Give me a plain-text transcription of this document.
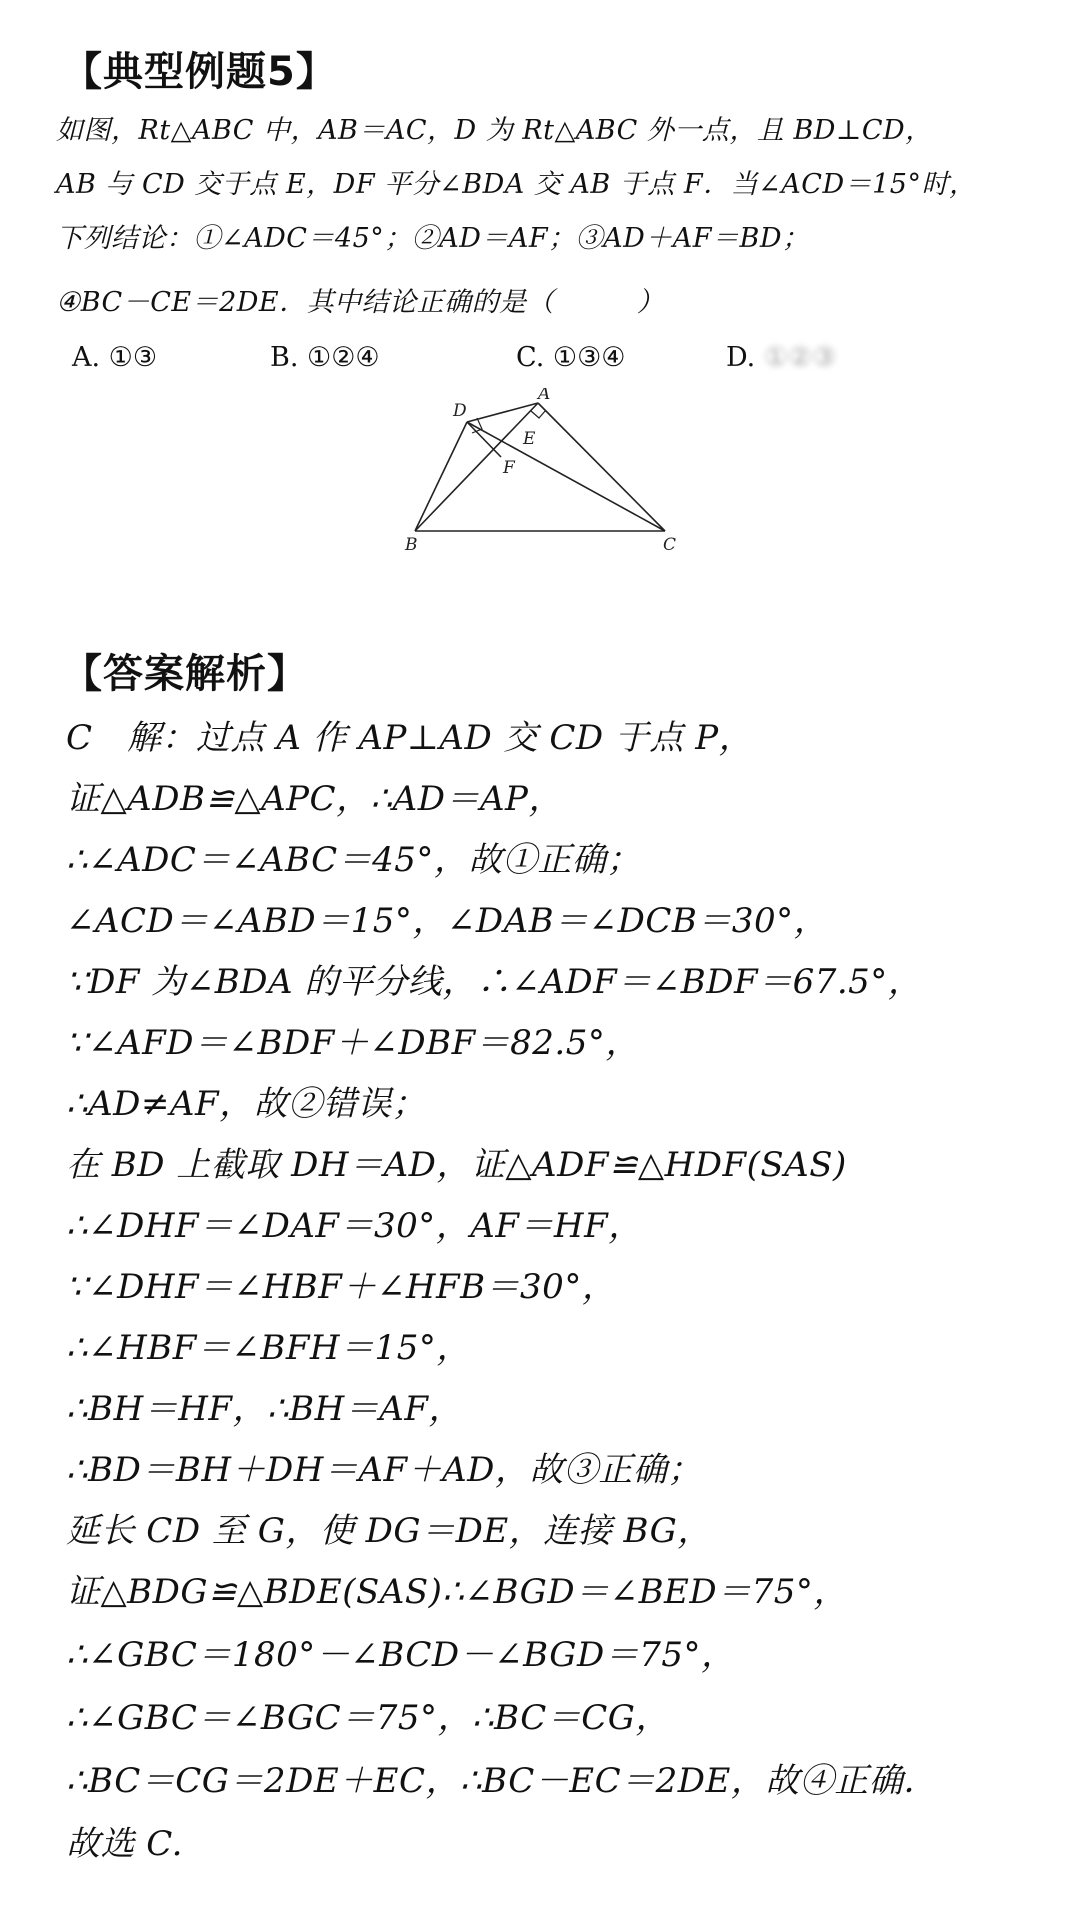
【典型例题5】
如图，Rt△ABC 中，AB＝AC，D 为 Rt△ABC 外一点，且 BD⊥CD，
AB 与 CD 交于点 E，DF 平分∠BDA 交 AB 于点 F．当∠ACD＝15°时，
下列结论：①∠ADC＝45°；②AD＝AF；③AD＋AF＝BD；
④BC－CE＝2DE．其中结论正确的是（　　　）
A. ①③	B. ①②④	C. ①③④	D. ①②③
D
A
E
F
B	C
【答案解析】
C　解：过点 A 作 AP⊥AD 交 CD 于点 P，
证△ADB≌△APC，∴AD＝AP，
∴∠ADC＝∠ABC＝45°，故①正确；
∠ACD＝∠ABD＝15°，∠DAB＝∠DCB＝30°，
∵DF 为∠BDA 的平分线，∴∠ADF＝∠BDF＝67.5°，
∵∠AFD＝∠BDF＋∠DBF＝82.5°，
∴AD≠AF，故②错误；
在 BD 上截取 DH＝AD，证△ADF≌△HDF(SAS)
∴∠DHF＝∠DAF＝30°，AF＝HF，
∵∠DHF＝∠HBF＋∠HFB＝30°，
∴∠HBF＝∠BFH＝15°，
∴BH＝HF，∴BH＝AF，
∴BD＝BH＋DH＝AF＋AD，故③正确；
延长 CD 至 G，使 DG＝DE，连接 BG，
证△BDG≌△BDE(SAS)∴∠BGD＝∠BED＝75°，
∴∠GBC＝180°－∠BCD－∠BGD＝75°，
∴∠GBC＝∠BGC＝75°，∴BC＝CG，
∴BC＝CG＝2DE＋EC，∴BC－EC＝2DE，故④正确．
故选 C.
